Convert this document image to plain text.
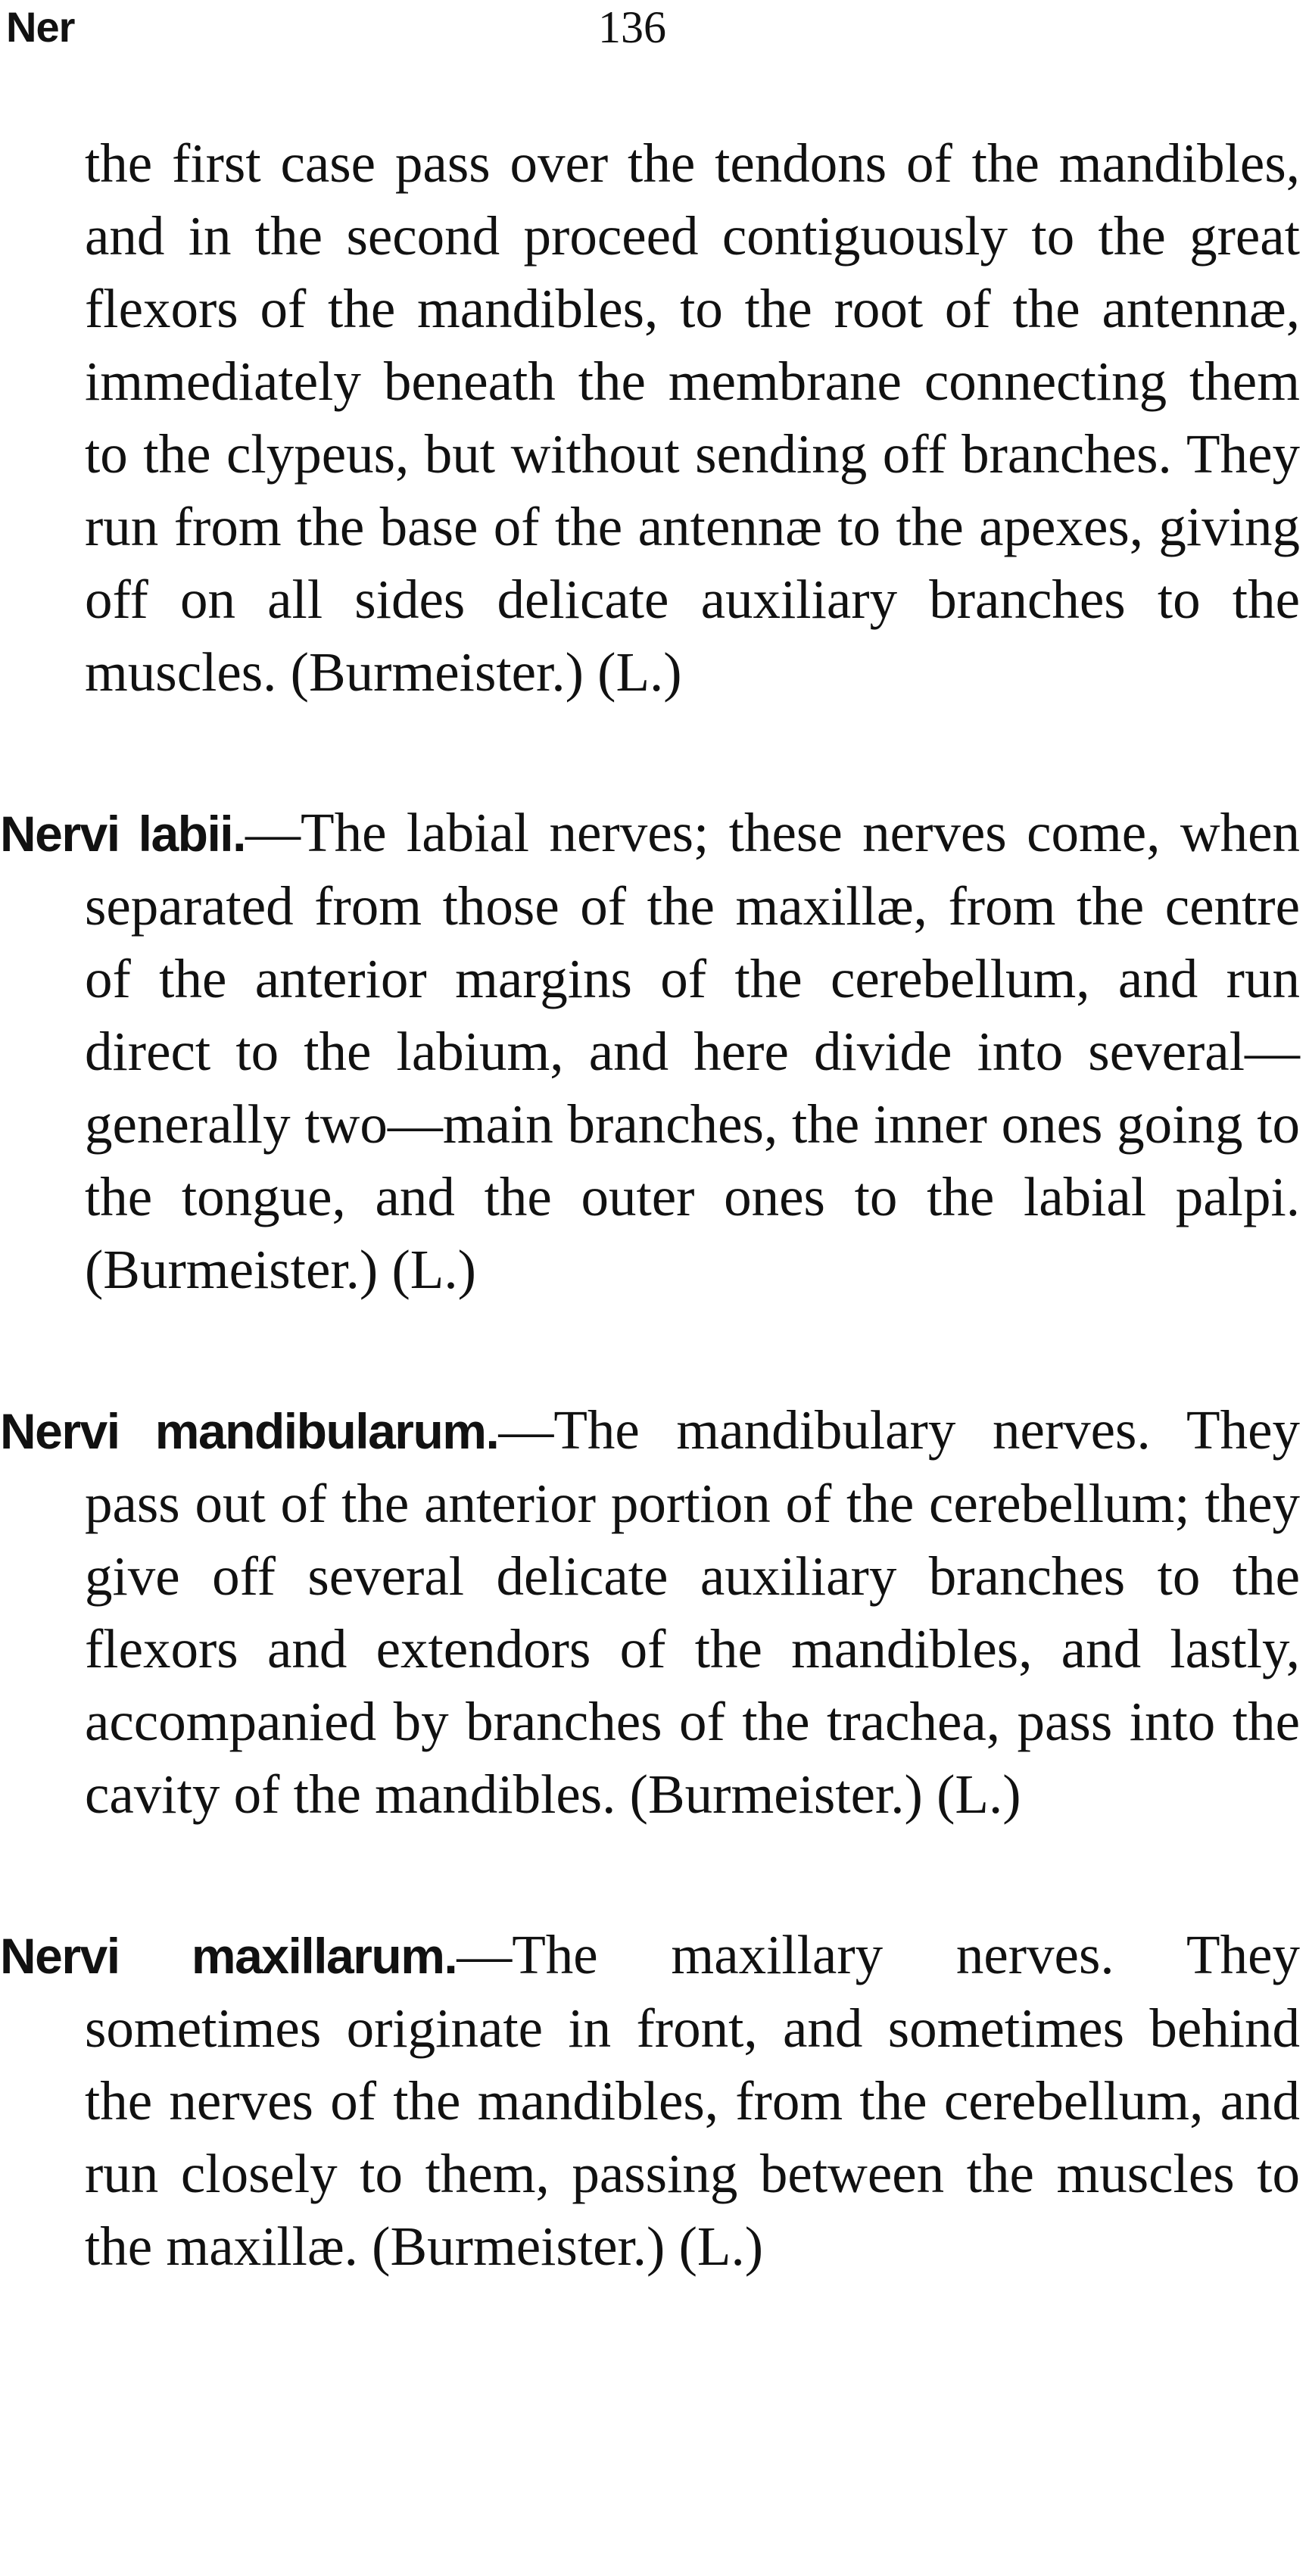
Ner	136

the first case pass over the tendons of the mandibles, and in the second proceed contiguously to the great flexors of the mandibles, to the root of the antennæ, immediately beneath the membrane connecting them to the clypeus, but without sending off branches. They run from the base of the antennæ to the apexes, giving off on all sides delicate auxiliary branches to the muscles. (Burmeister.) (L.)

Nervi labii.—The labial nerves; these nerves come, when separated from those of the maxillæ, from the centre of the anterior margins of the cerebellum, and run direct to the labium, and here divide into several—generally two—main branches, the inner ones going to the tongue, and the outer ones to the labial palpi. (Burmeister.) (L.)

Nervi mandibularum.—The mandibulary nerves. They pass out of the anterior portion of the cerebellum; they give off several delicate auxiliary branches to the flexors and extendors of the mandibles, and lastly, accompanied by branches of the trachea, pass into the cavity of the mandibles. (Burmeister.) (L.)

Nervi maxillarum.—The maxillary nerves. They sometimes originate in front, and sometimes behind the nerves of the mandibles, from the cerebellum, and run closely to them, passing between the muscles to the maxillæ. (Burmeister.) (L.)
